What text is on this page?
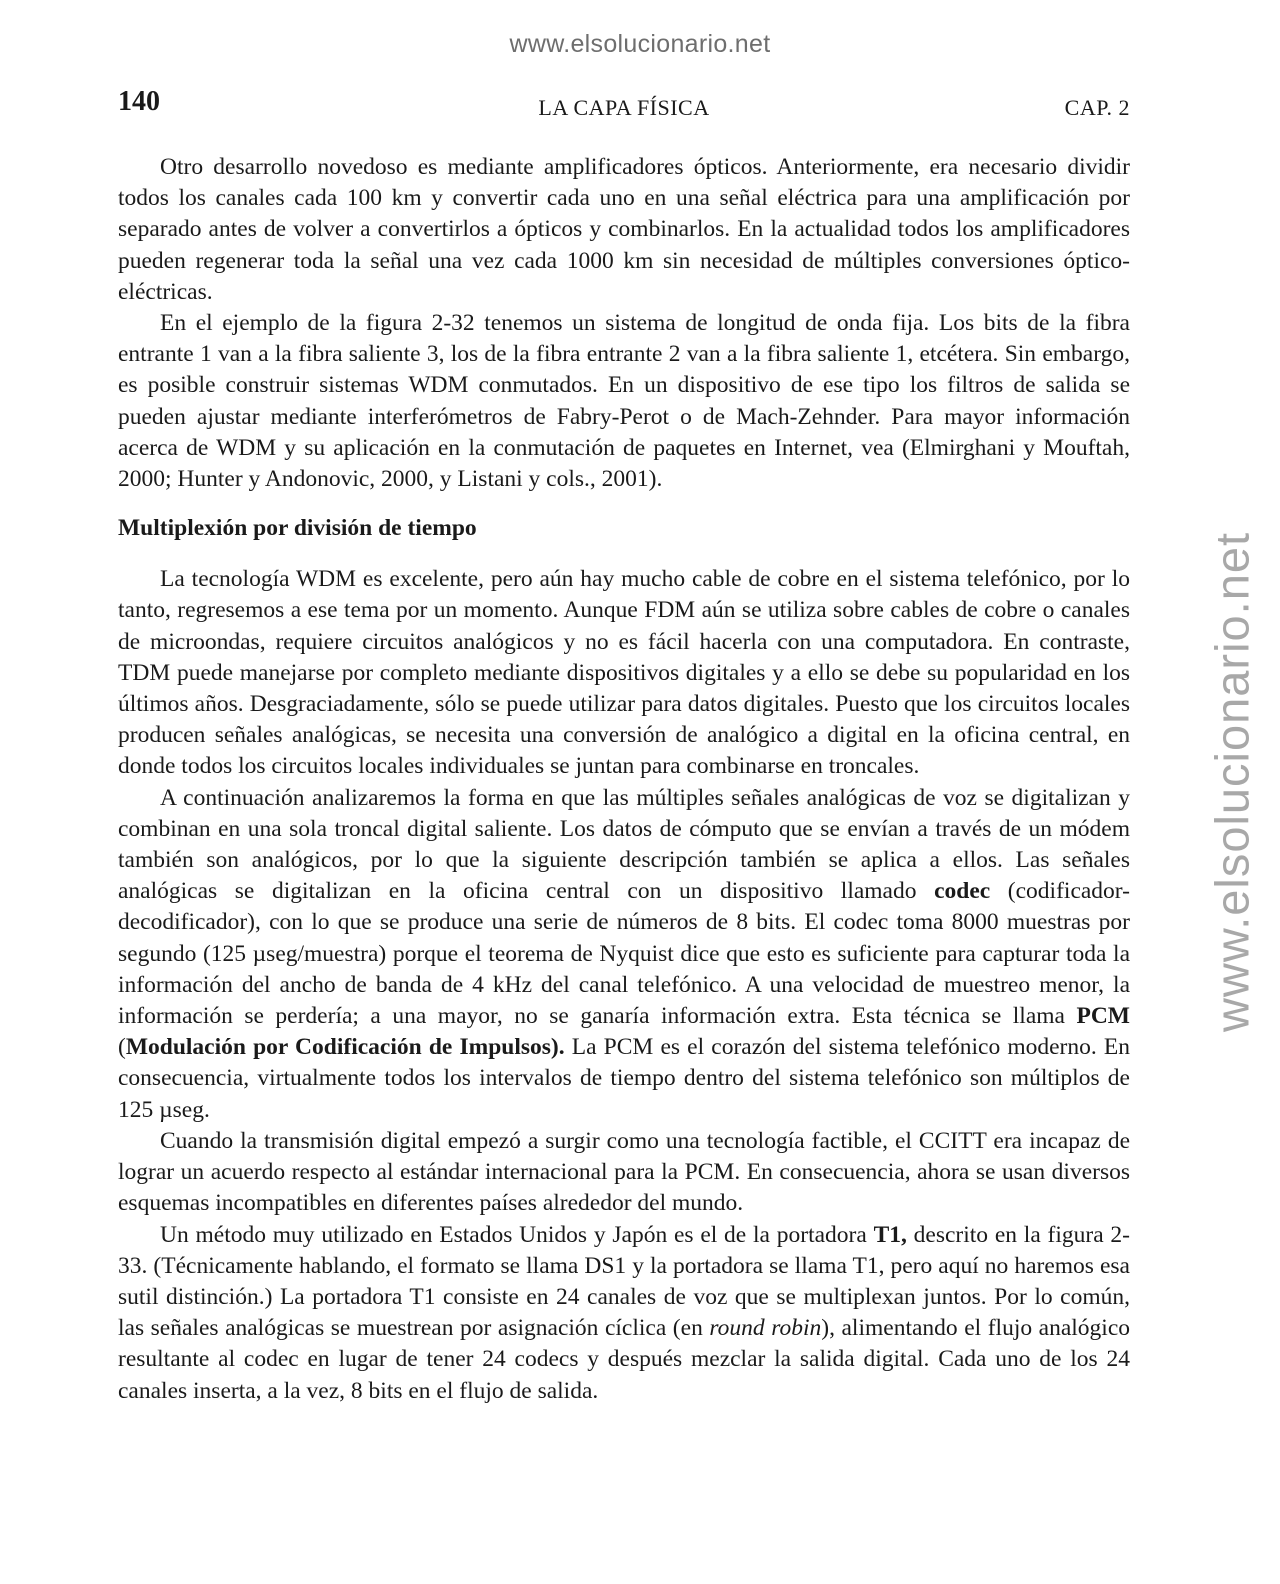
www.elsolucionario.net
www.elsolucionario.net
140	LA CAPA FÍSICA	CAP. 2

Otro desarrollo novedoso es mediante amplificadores ópticos. Anteriormente, era necesario dividir todos los canales cada 100 km y convertir cada uno en una señal eléctrica para una amplificación por separado antes de volver a convertirlos a ópticos y combinarlos. En la actualidad todos los amplificadores pueden regenerar toda la señal una vez cada 1000 km sin necesidad de múltiples conversiones óptico-eléctricas.

En el ejemplo de la figura 2-32 tenemos un sistema de longitud de onda fija. Los bits de la fibra entrante 1 van a la fibra saliente 3, los de la fibra entrante 2 van a la fibra saliente 1, etcétera. Sin embargo, es posible construir sistemas WDM conmutados. En un dispositivo de ese tipo los filtros de salida se pueden ajustar mediante interferómetros de Fabry-Perot o de Mach-Zehnder. Para mayor información acerca de WDM y su aplicación en la conmutación de paquetes en Internet, vea (Elmirghani y Mouftah, 2000; Hunter y Andonovic, 2000, y Listani y cols., 2001).

Multiplexión por división de tiempo

La tecnología WDM es excelente, pero aún hay mucho cable de cobre en el sistema telefónico, por lo tanto, regresemos a ese tema por un momento. Aunque FDM aún se utiliza sobre cables de cobre o canales de microondas, requiere circuitos analógicos y no es fácil hacerla con una computadora. En contraste, TDM puede manejarse por completo mediante dispositivos digitales y a ello se debe su popularidad en los últimos años. Desgraciadamente, sólo se puede utilizar para datos digitales. Puesto que los circuitos locales producen señales analógicas, se necesita una conversión de analógico a digital en la oficina central, en donde todos los circuitos locales individuales se juntan para combinarse en troncales.

A continuación analizaremos la forma en que las múltiples señales analógicas de voz se digitalizan y combinan en una sola troncal digital saliente. Los datos de cómputo que se envían a través de un módem también son analógicos, por lo que la siguiente descripción también se aplica a ellos. Las señales analógicas se digitalizan en la oficina central con un dispositivo llamado codec (codificador-decodificador), con lo que se produce una serie de números de 8 bits. El codec toma 8000 muestras por segundo (125 µseg/muestra) porque el teorema de Nyquist dice que esto es suficiente para capturar toda la información del ancho de banda de 4 kHz del canal telefónico. A una velocidad de muestreo menor, la información se perdería; a una mayor, no se ganaría información extra. Esta técnica se llama PCM (Modulación por Codificación de Impulsos). La PCM es el corazón del sistema telefónico moderno. En consecuencia, virtualmente todos los intervalos de tiempo dentro del sistema telefónico son múltiplos de 125 µseg.

Cuando la transmisión digital empezó a surgir como una tecnología factible, el CCITT era incapaz de lograr un acuerdo respecto al estándar internacional para la PCM. En consecuencia, ahora se usan diversos esquemas incompatibles en diferentes países alrededor del mundo.

Un método muy utilizado en Estados Unidos y Japón es el de la portadora T1, descrito en la figura 2-33. (Técnicamente hablando, el formato se llama DS1 y la portadora se llama T1, pero aquí no haremos esa sutil distinción.) La portadora T1 consiste en 24 canales de voz que se multiplexan juntos. Por lo común, las señales analógicas se muestrean por asignación cíclica (en round robin), alimentando el flujo analógico resultante al codec en lugar de tener 24 codecs y después mezclar la salida digital. Cada uno de los 24 canales inserta, a la vez, 8 bits en el flujo de salida.
